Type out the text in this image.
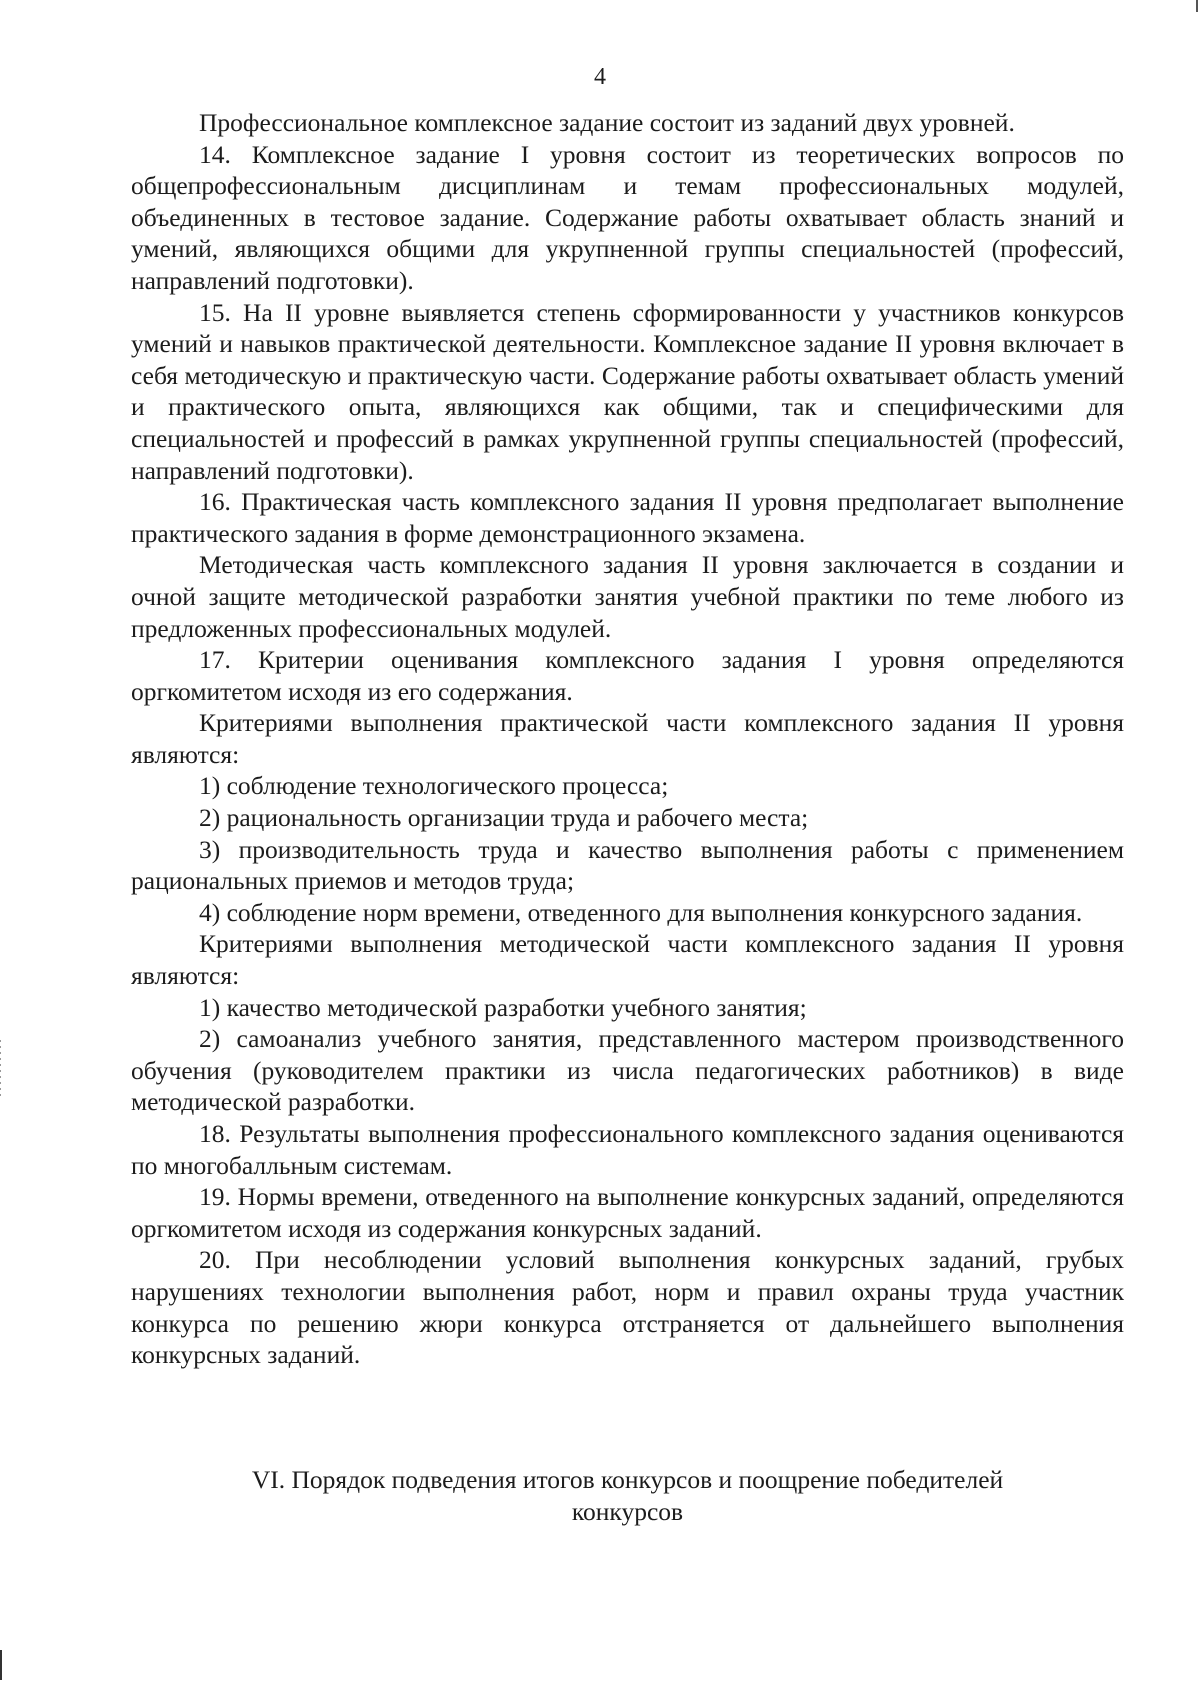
4

Профессиональное комплексное задание состоит из заданий двух уровней.

14. Комплексное задание I уровня состоит из теоретических вопросов по общепрофессиональным дисциплинам и темам профессиональных модулей, объединенных в тестовое задание. Содержание работы охватывает область знаний и умений, являющихся общими для укрупненной группы специальностей (профессий, направлений подготовки).

15. На II уровне выявляется степень сформированности у участников конкурсов умений и навыков практической деятельности. Комплексное задание II уровня включает в себя методическую и практическую части. Содержание работы охватывает область умений и практического опыта, являющихся как общими, так и специфическими для специальностей и профессий в рамках укрупненной группы специальностей (профессий, направлений подготовки).

16. Практическая часть комплексного задания II уровня предполагает выполнение практического задания в форме демонстрационного экзамена.

Методическая часть комплексного задания II уровня заключается в создании и очной защите методической разработки занятия учебной практики по теме любого из предложенных профессиональных модулей.

17. Критерии оценивания комплексного задания I уровня определяются оргкомитетом исходя из его содержания.

Критериями выполнения практической части комплексного задания II уровня являются:

1) соблюдение технологического процесса;

2) рациональность организации труда и рабочего места;

3) производительность труда и качество выполнения работы с применением рациональных приемов и методов труда;

4) соблюдение норм времени, отведенного для выполнения конкурсного задания.

Критериями выполнения методической части комплексного задания II уровня являются:

1) качество методической разработки учебного занятия;

2) самоанализ учебного занятия, представленного мастером производственного обучения (руководителем практики из числа педагогических работников) в виде методической разработки.

18. Результаты выполнения профессионального комплексного задания оцениваются по многобалльным системам.

19. Нормы времени, отведенного на выполнение конкурсных заданий, определяются оргкомитетом исходя из содержания конкурсных заданий.

20. При несоблюдении условий выполнения конкурсных заданий, грубых нарушениях технологии выполнения работ, норм и правил охраны труда участник конкурса по решению жюри конкурса отстраняется от дальнейшего выполнения конкурсных заданий.

VI. Порядок подведения итогов конкурсов и поощрение победителей
конкурсов
